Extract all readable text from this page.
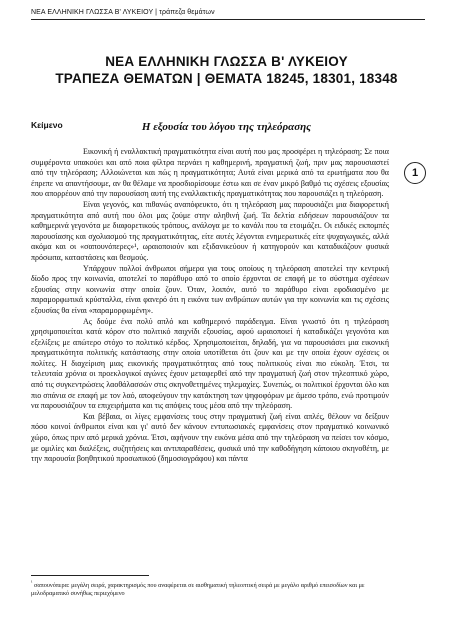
ΝΕΑ ΕΛΛΗΝΙΚΗ ΓΛΩΣΣΑ Β' ΛΥΚΕΙΟΥ | τράπεζα θεμάτων
ΝΕΑ ΕΛΛΗΝΙΚΗ ΓΛΩΣΣΑ Β' ΛΥΚΕΙΟΥ
ΤΡΑΠΕΖΑ ΘΕΜΑΤΩΝ | ΘΕΜΑΤΑ 18245, 18301, 18348
Κείμενο	Η εξουσία του λόγου της τηλεόρασης
1

Εικονική ή εναλλακτική πραγματικότητα είναι αυτή που μας προσφέρει η τηλεόραση; Σε ποια συμφέροντα υπακούει και από ποια φίλτρα περνάει η καθημερινή, πραγματική ζωή, πριν μας παρουσιαστεί από την τηλεόραση; Αλλοιώνεται και πώς η πραγματικότητα; Αυτά είναι μερικά από τα ερωτήματα που θα έπρεπε να απαντήσουμε, αν θα θέλαμε να προσδιορίσουμε έστω και σε έναν μικρό βαθμό τις σχέσεις εξουσίας που απορρέουν από την παρουσίαση αυτή της εναλλακτικής πραγματικότητας που παρουσιάζει η τηλεόραση.

Είναι γεγονός, και πιθανώς αναπόφευκτο, ότι η τηλεόραση μας παρουσιάζει μια διαφορετική πραγματικότητα από αυτή που όλοι μας ζούμε στην αληθινή ζωή. Τα δελτία ειδήσεων παρουσιάζουν τα καθημερινά γεγονότα με διαφορετικούς τρόπους, ανάλογα με το κανάλι που τα ετοιμάζει. Οι ειδικές εκπομπές παρουσίασης και σχολιασμού της πραγματικότητας, είτε αυτές λέγονται ενημερωτικές είτε ψυχαγωγικές, αλλά ακόμα και οι «σαπουνόπερες»¹, ωραιοποιούν και εξιδανικεύουν ή κατηγορούν και καταδικάζουν φυσικά πρόσωπα, καταστάσεις και θεσμούς.

Υπάρχουν πολλοί άνθρωποι σήμερα για τους οποίους η τηλεόραση αποτελεί την κεντρική δίοδο προς την κοινωνία, αποτελεί το παράθυρο από το οποίο έρχονται σε επαφή με το σύστημα σχέσεων εξουσίας στην κοινωνία στην οποία ζουν. Όταν, λοιπόν, αυτό το παράθυρο είναι εφοδιασμένο με παραμορφωτικά κρύσταλλα, είναι φανερό ότι η εικόνα των ανθρώπων αυτών για την κοινωνία και τις σχέσεις εξουσίας θα είναι «παραμορφωμένη».

Ας δούμε ένα πολύ απλό και καθημερινό παράδειγμα. Είναι γνωστό ότι η τηλεόραση χρησιμοποιείται κατά κόρον στο πολιτικό παιχνίδι εξουσίας, αφού ωραιοποιεί ή καταδικάζει γεγονότα και εξελίξεις με απώτερο στόχο το πολιτικό κέρδος. Χρησιμοποιείται, δηλαδή, για να παρουσιάσει μια εικονική πραγματικότητα πολιτικής κατάστασης στην οποία υποτίθεται ότι ζουν και με την οποία έχουν σχέσεις οι πολίτες. Η διαχείριση μιας εικονικής πραγματικότητας από τους πολιτικούς είναι πιο εύκολη. Έτσι, τα τελευταία χρόνια οι προεκλογικοί αγώνες έχουν μεταφερθεί από την πραγματική ζωή στον τηλεοπτικό χώρο, από τις συγκεντρώσεις λαοθάλασσών στις σκηνοθετημένες τηλεμαχίες. Συνεπώς, οι πολιτικοί έρχονται όλο και πιο σπάνια σε επαφή με τον λαό, αποφεύγουν την κατάκτηση των ψηφοφόρων με άμεσο τρόπο, ενώ προτιμούν να παρουσιάζουν τα επιχειρήματα και τις απόψεις τους μέσα από την τηλεόραση.

Και βέβαια, οι λίγες εμφανίσεις τους στην πραγματική ζωή είναι απλές, θέλουν να δείξουν πόσο κοινοί άνθρωποι είναι και γι' αυτό δεν κάνουν εντυπωσιακές εμφανίσεις στον πραγματικό κοινωνικό χώρο, όπως πριν από μερικά χρόνια. Έτσι, αφήνουν την εικόνα μέσα από την τηλεόραση να πείσει τον κόσμο, με ομιλίες και διαλέξεις, συζητήσεις και αντιπαραθέσεις, φυσικά υπό την καθοδήγηση κάποιου σκηνοθέτη, με την παρουσία βοηθητικού προσωπικού (δημοσιογράφου) και πάντα

$^{^1}$ σαπουνόπερα: μεγάλη σειρά, χαρακτηρισμός που αναφέρεται σε αισθηματική τηλεοπτική σειρά με μεγάλο αριθμό επεισοδίων και με μελοδραματικό συνήθως περιεχόμενο
